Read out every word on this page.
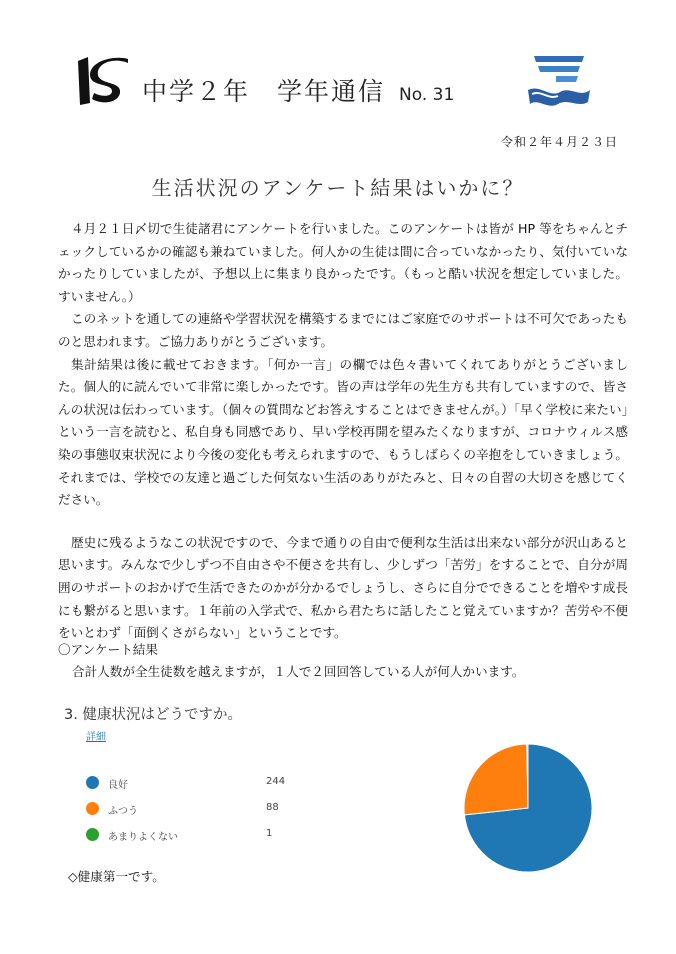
中学２年　学年通信 No. 31
令和２年４月２３日
生活状況のアンケート結果はいかに？

４月２１日〆切で生徒諸君にアンケートを行いました。このアンケートは皆が HP 等をちゃんとチェックしているかの確認も兼ねていました。何人かの生徒は間に合っていなかったり、気付いていなかったりしていましたが、予想以上に集まり良かったです。（もっと酷い状況を想定していました。すいません。）

このネットを通しての連絡や学習状況を構築するまでにはご家庭でのサポートは不可欠であったものと思われます。ご協力ありがとうございます。

集計結果は後に載せておきます。「何か一言」の欄では色々書いてくれてありがとうございました。個人的に読んでいて非常に楽しかったです。皆の声は学年の先生方も共有していますので、皆さんの状況は伝わっています。（個々の質問などお答えすることはできませんが。）「早く学校に来たい」という一言を読むと、私自身も同感であり、早い学校再開を望みたくなりますが、コロナウィルス感染の事態収束状況により今後の変化も考えられますので、もうしばらくの辛抱をしていきましょう。それまでは、学校での友達と過ごした何気ない生活のありがたみと、日々の自習の大切さを感じてください。

歴史に残るようなこの状況ですので、今まで通りの自由で便利な生活は出来ない部分が沢山あると思います。みんなで少しずつ不自由さや不便さを共有し、少しずつ「苦労」をすることで、自分が周囲のサポートのおかげで生活できたのかが分かるでしょうし、さらに自分でできることを増やす成長にも繋がると思います。１年前の入学式で、私から君たちに話したこと覚えていますか？苦労や不便をいとわず「面倒くさがらない」ということです。

〇アンケート結果
合計人数が全生徒数を越えますが，１人で２回回答している人が何人かいます。
3. 健康状況はどうですか。
詳細
良好	244
ふつう	88
あまりよくない	1
◇健康第一です。
